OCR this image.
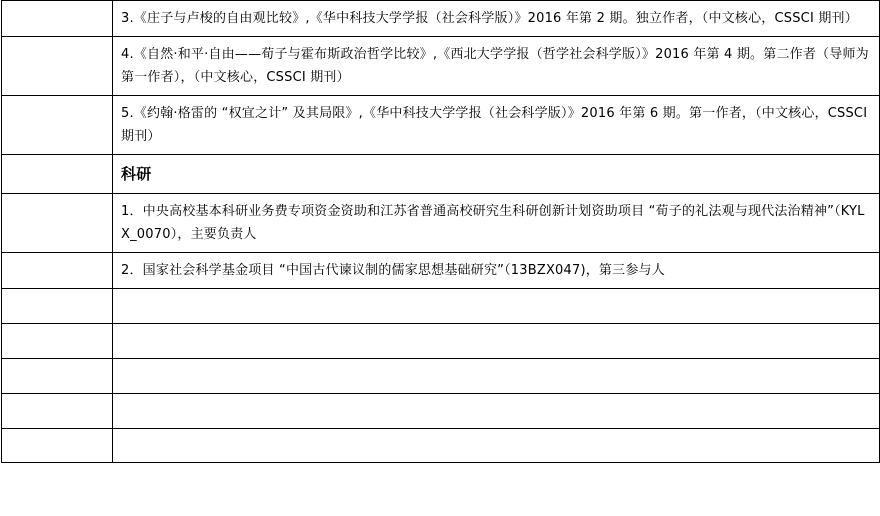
	3.《庄子与卢梭的自由观比较》,《华中科技大学学报（社会科学版）》2016 年第 2 期。独立作者，（中文核心，CSSCI 期刊）

	4.《自然·和平·自由——荀子与霍布斯政治哲学比较》,《西北大学学报（哲学社会科学版）》2016 年第 4 期。第二作者（导师为第一作者），（中文核心，CSSCI 期刊）

	5.《约翰·格雷的 “权宜之计” 及其局限》,《华中科技大学学报（社会科学版）》2016 年第 6 期。第一作者，（中文核心，CSSCI 期刊）

	科研

	1．中央高校基本科研业务费专项资金资助和江苏省普通高校研究生科研创新计划资助项目 “荀子的礼法观与现代法治精神”（KYLX_0070），主要负责人

	2．国家社会科学基金项目 “中国古代谏议制的儒家思想基础研究”（13BZX047)，第三参与人
